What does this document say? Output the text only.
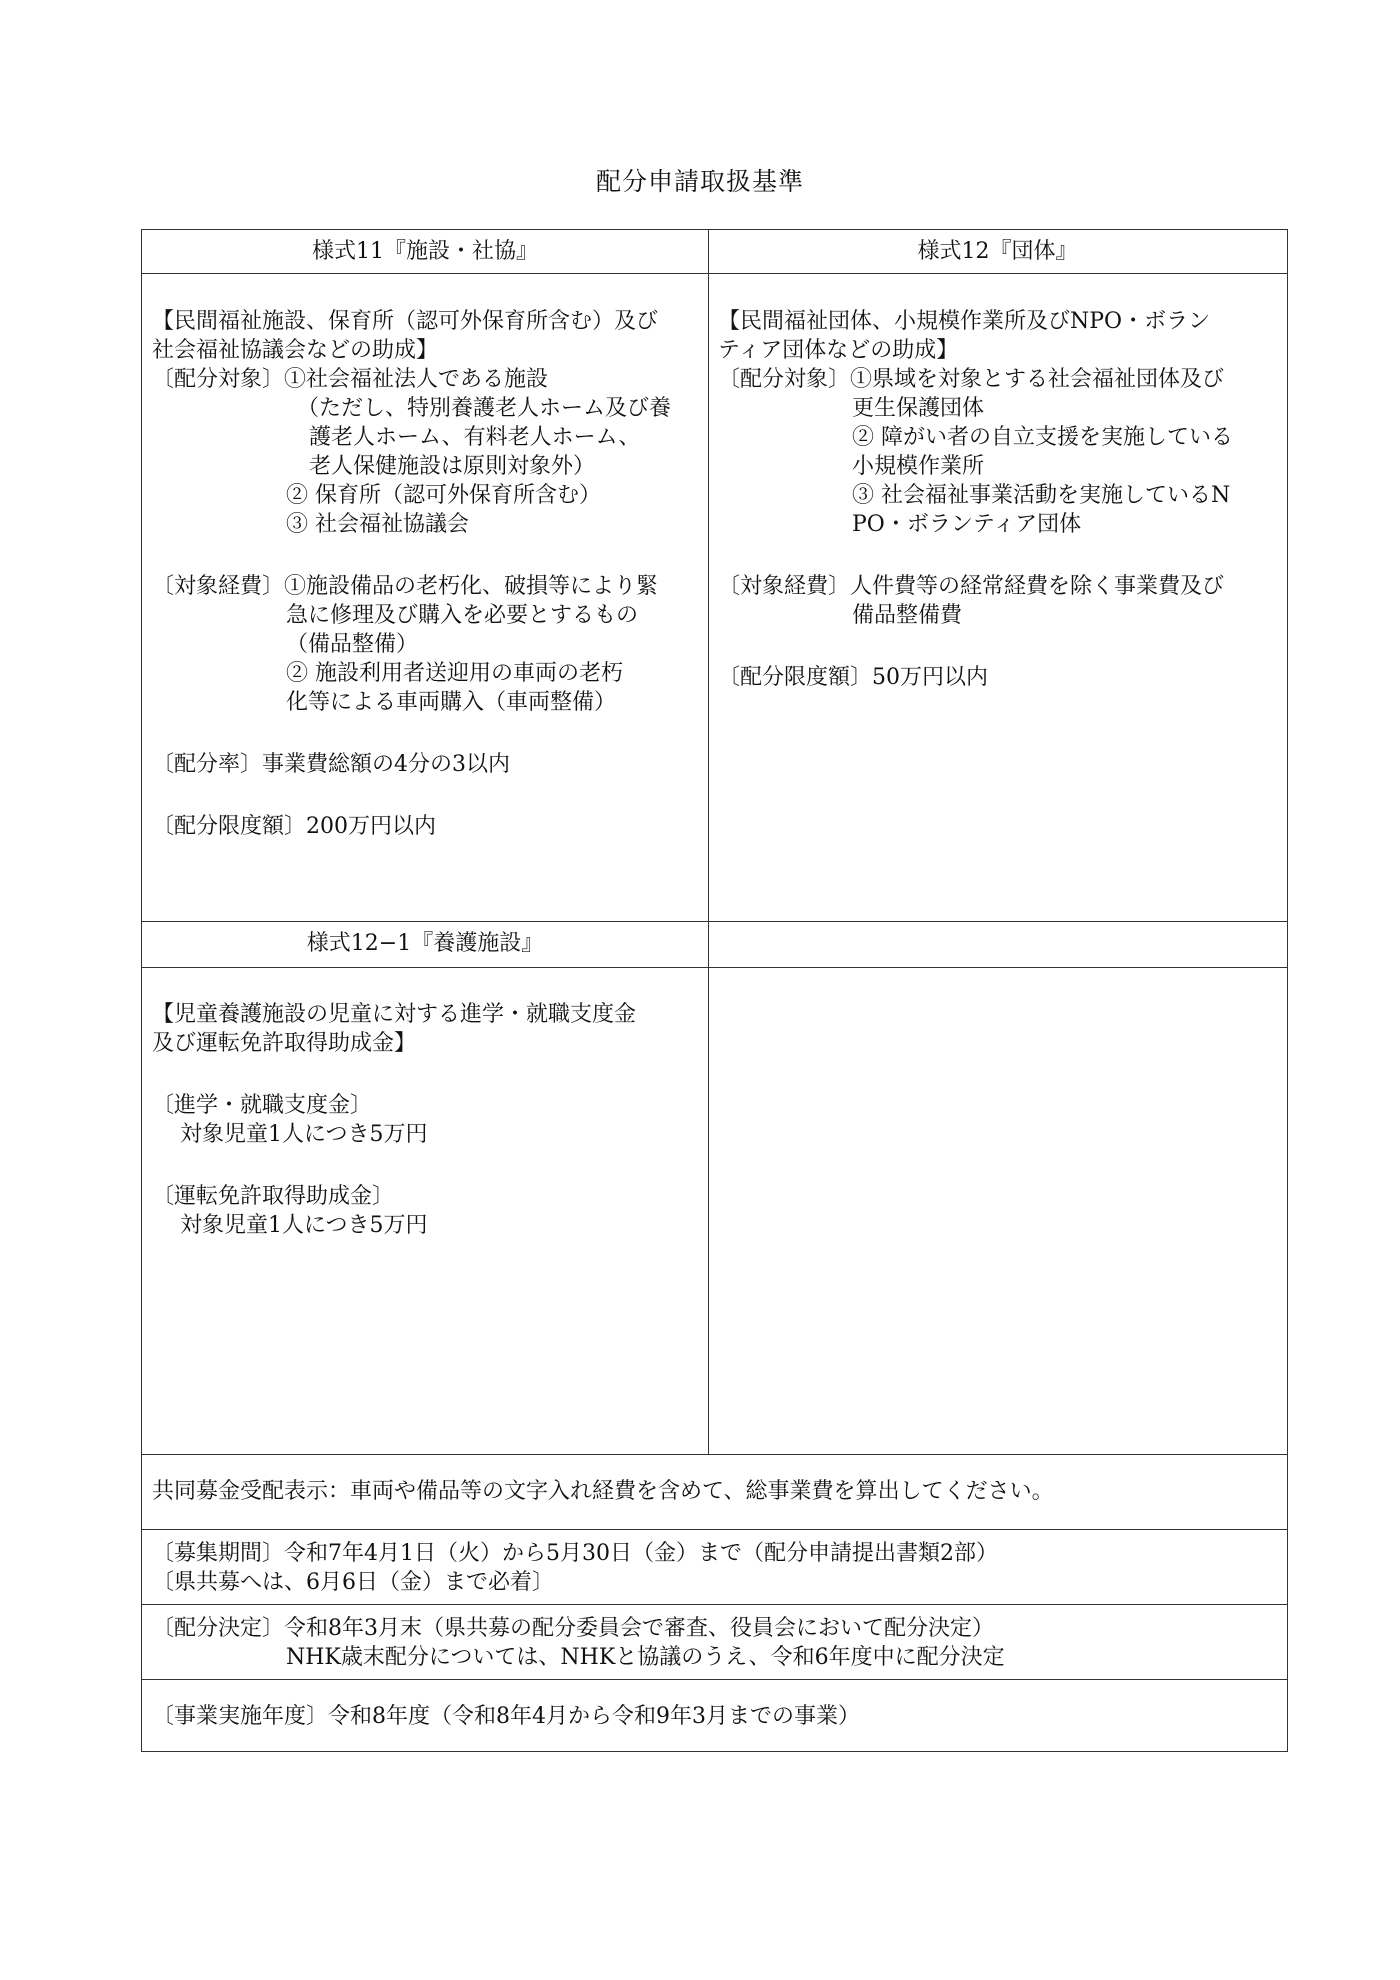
配分申請取扱基準
様式11『施設・社協』	様式12『団体』
様式12−1『養護施設』
【民間福祉施設、保育所（認可外保育所含む）及び
社会福祉協議会などの助成】
〔配分対象〕①社会福祉法人である施設
（ただし、特別養護老人ホーム及び養
護老人ホーム、有料老人ホーム、
老人保健施設は原則対象外）
② 保育所（認可外保育所含む）
③ 社会福祉協議会
〔対象経費〕①施設備品の老朽化、破損等により緊
急に修理及び購入を必要とするもの
（備品整備）
② 施設利用者送迎用の車両の老朽
化等による車両購入（車両整備）
〔配分率〕事業費総額の4分の3以内
〔配分限度額〕200万円以内
【民間福祉団体、小規模作業所及びNPO・ボラン
ティア団体などの助成】
〔配分対象〕①県域を対象とする社会福祉団体及び
更生保護団体
② 障がい者の自立支援を実施している
小規模作業所
③ 社会福祉事業活動を実施しているN
PO・ボランティア団体
〔対象経費〕人件費等の経常経費を除く事業費及び
備品整備費
〔配分限度額〕50万円以内
【児童養護施設の児童に対する進学・就職支度金
及び運転免許取得助成金】
〔進学・就職支度金〕
対象児童1人につき5万円
〔運転免許取得助成金〕
対象児童1人につき5万円
共同募金受配表示：車両や備品等の文字入れ経費を含めて、総事業費を算出してください。
〔募集期間〕令和7年4月1日（火）から5月30日（金）まで（配分申請提出書類2部）
〔県共募へは、6月6日（金）まで必着〕
〔配分決定〕令和8年3月末（県共募の配分委員会で審査、役員会において配分決定）
NHK歳末配分については、NHKと協議のうえ、令和6年度中に配分決定
〔事業実施年度〕令和8年度（令和8年4月から令和9年3月までの事業）
